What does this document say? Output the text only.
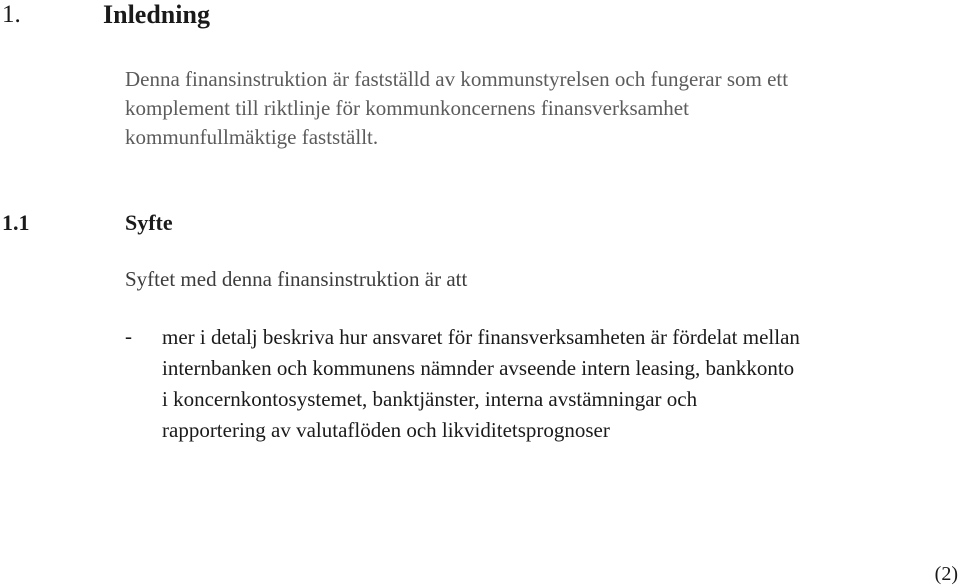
1.	Inledning
Denna finansinstruktion är fastställd av kommunstyrelsen och fungerar som ett
komplement till riktlinje för kommunkoncernens finansverksamhet
kommunfullmäktige fastställt.
1.1	Syfte
Syftet med denna finansinstruktion är att
- mer i detalj beskriva hur ansvaret för finansverksamheten är fördelat mellan
internbanken och kommunens nämnder avseende intern leasing, bankkonto
i koncernkontosystemet, banktjänster, interna avstämningar och
rapportering av valutaflöden och likviditetsprognoser
(2)
